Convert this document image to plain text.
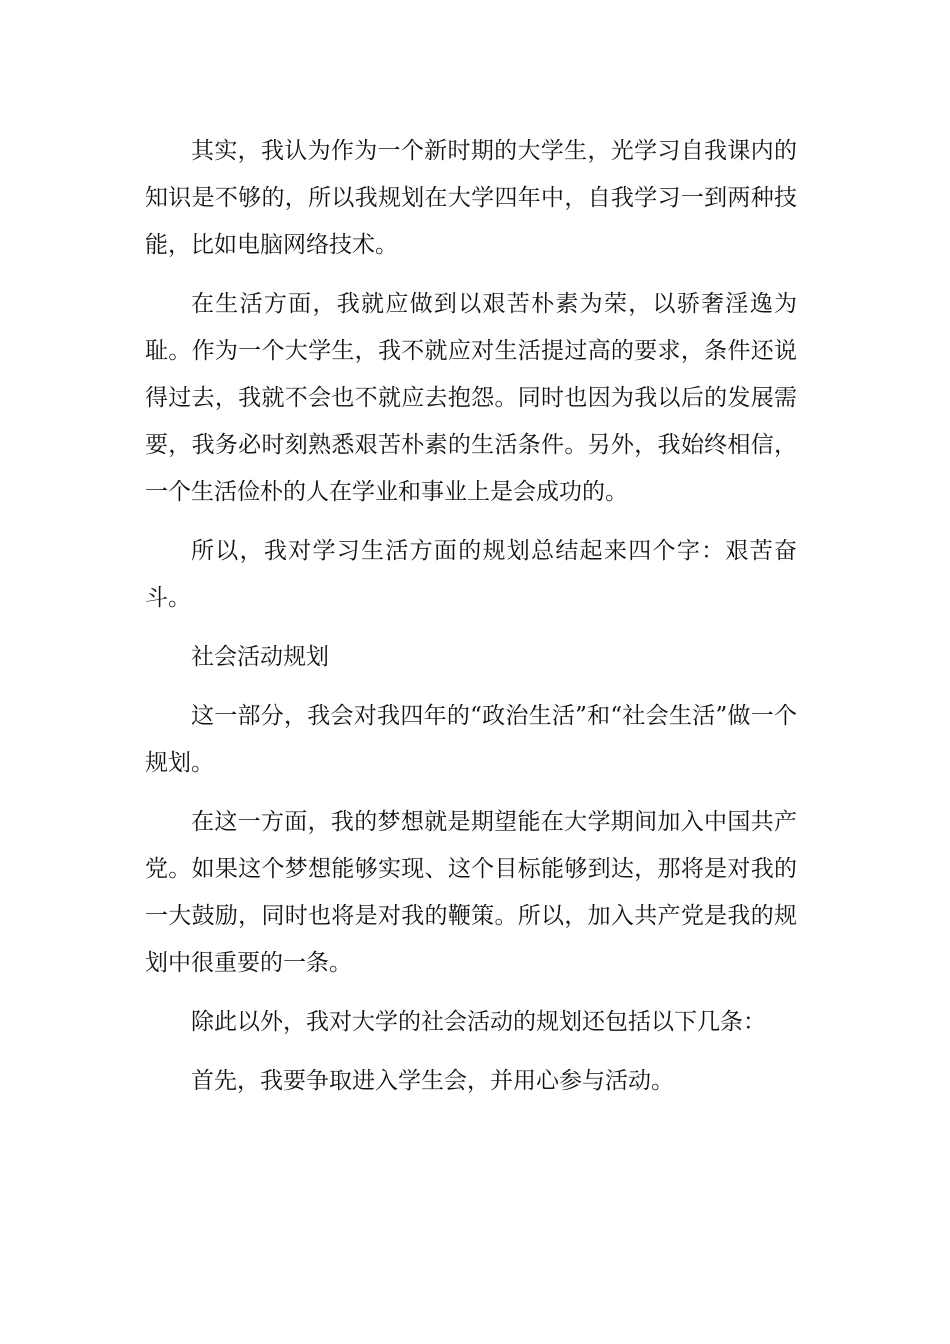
其实，我认为作为一个新时期的大学生，光学习自我课内的知识是不够的，所以我规划在大学四年中，自我学习一到两种技能，比如电脑网络技术。

在生活方面，我就应做到以艰苦朴素为荣，以骄奢淫逸为耻。作为一个大学生，我不就应对生活提过高的要求，条件还说得过去，我就不会也不就应去抱怨。同时也因为我以后的发展需要，我务必时刻熟悉艰苦朴素的生活条件。另外，我始终相信，一个生活俭朴的人在学业和事业上是会成功的。

所以，我对学习生活方面的规划总结起来四个字：艰苦奋斗。

社会活动规划

这一部分，我会对我四年的“政治生活”和“社会生活”做一个规划。

在这一方面，我的梦想就是期望能在大学期间加入中国共产党。如果这个梦想能够实现、这个目标能够到达，那将是对我的一大鼓励，同时也将是对我的鞭策。所以，加入共产党是我的规划中很重要的一条。

除此以外，我对大学的社会活动的规划还包括以下几条：

首先，我要争取进入学生会，并用心参与活动。
